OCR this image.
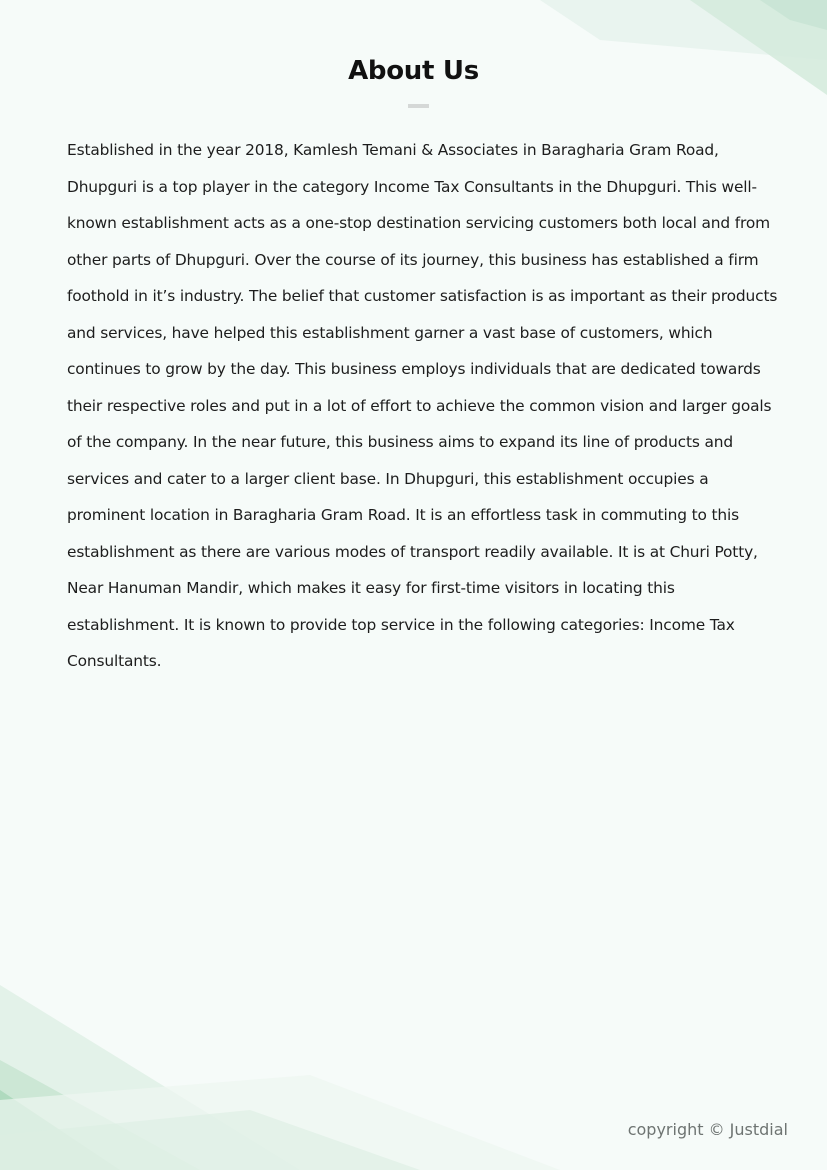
About Us

Established in the year 2018, Kamlesh Temani & Associates in Baragharia Gram Road, Dhupguri is a top player in the category Income Tax Consultants in the Dhupguri. This well-known establishment acts as a one-stop destination servicing customers both local and from other parts of Dhupguri. Over the course of its journey, this business has established a firm foothold in it’s industry. The belief that customer satisfaction is as important as their products and services, have helped this establishment garner a vast base of customers, which continues to grow by the day. This business employs individuals that are dedicated towards their respective roles and put in a lot of effort to achieve the common vision and larger goals of the company. In the near future, this business aims to expand its line of products and services and cater to a larger client base. In Dhupguri, this establishment occupies a prominent location in Baragharia Gram Road. It is an effortless task in commuting to this establishment as there are various modes of transport readily available. It is at Churi Potty, Near Hanuman Mandir, which makes it easy for first-time visitors in locating this establishment. It is known to provide top service in the following categories: Income Tax Consultants.

copyright © Justdial
